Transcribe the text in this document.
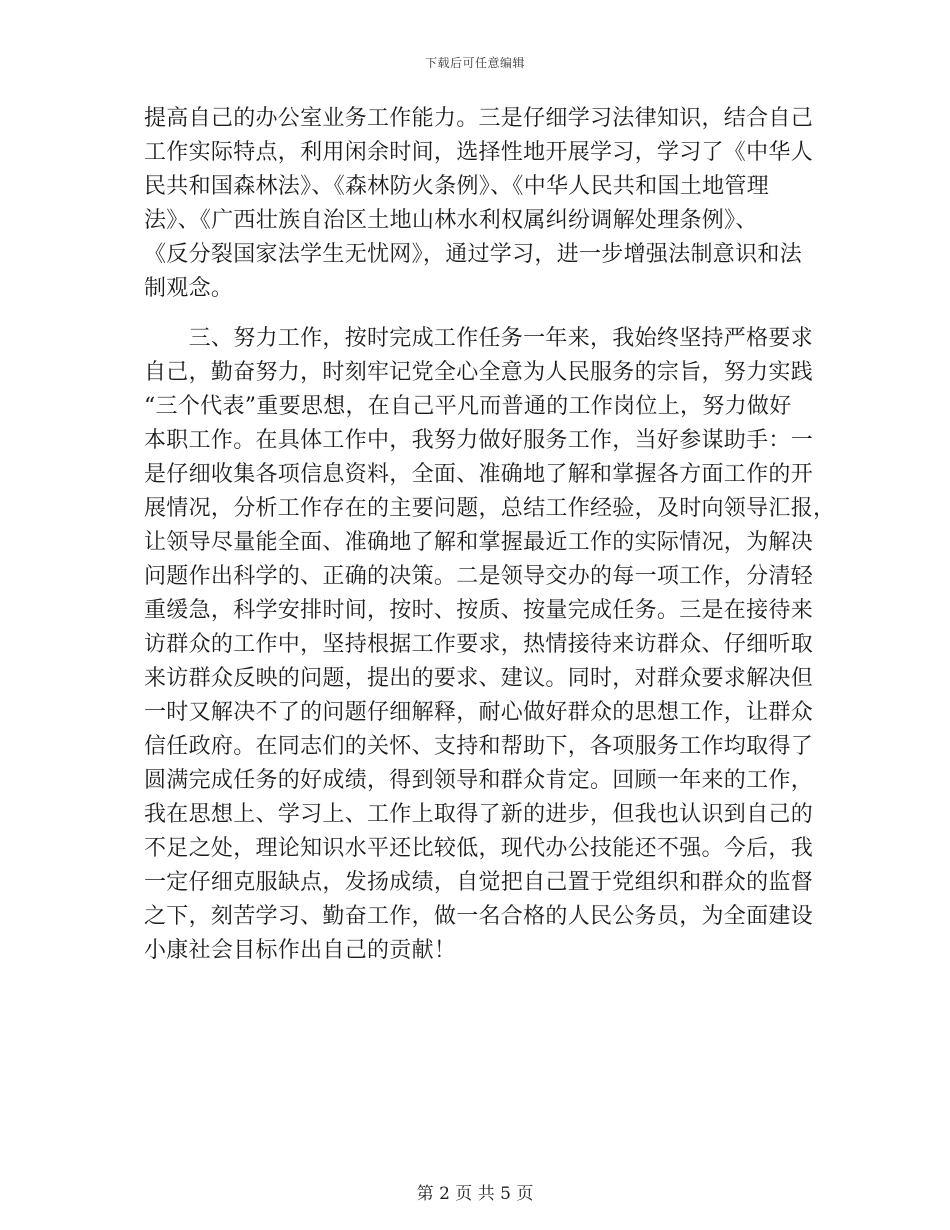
下载后可任意编辑
提高自己的办公室业务工作能力。三是仔细学习法律知识，结合自己
工作实际特点，利用闲余时间，选择性地开展学习，学习了《中华人
民共和国森林法》、《森林防火条例》、《中华人民共和国土地管理
法》、《广西壮族自治区土地山林水利权属纠纷调解处理条例》、
《反分裂国家法学生无忧网》，通过学习，进一步增强法制意识和法
制观念。
　　三、努力工作，按时完成工作任务一年来，我始终坚持严格要求
自己，勤奋努力，时刻牢记党全心全意为人民服务的宗旨，努力实践
“三个代表”重要思想，在自己平凡而普通的工作岗位上，努力做好
本职工作。在具体工作中，我努力做好服务工作，当好参谋助手：一
是仔细收集各项信息资料，全面、准确地了解和掌握各方面工作的开
展情况，分析工作存在的主要问题，总结工作经验，及时向领导汇报，
让领导尽量能全面、准确地了解和掌握最近工作的实际情况，为解决
问题作出科学的、正确的决策。二是领导交办的每一项工作，分清轻
重缓急，科学安排时间，按时、按质、按量完成任务。三是在接待来
访群众的工作中，坚持根据工作要求，热情接待来访群众、仔细听取
来访群众反映的问题，提出的要求、建议。同时，对群众要求解决但
一时又解决不了的问题仔细解释，耐心做好群众的思想工作，让群众
信任政府。在同志们的关怀、支持和帮助下，各项服务工作均取得了
圆满完成任务的好成绩，得到领导和群众肯定。回顾一年来的工作，
我在思想上、学习上、工作上取得了新的进步，但我也认识到自己的
不足之处，理论知识水平还比较低，现代办公技能还不强。今后，我
一定仔细克服缺点，发扬成绩，自觉把自己置于党组织和群众的监督
之下，刻苦学习、勤奋工作，做一名合格的人民公务员，为全面建设
小康社会目标作出自己的贡献！
第 2 页 共 5 页
